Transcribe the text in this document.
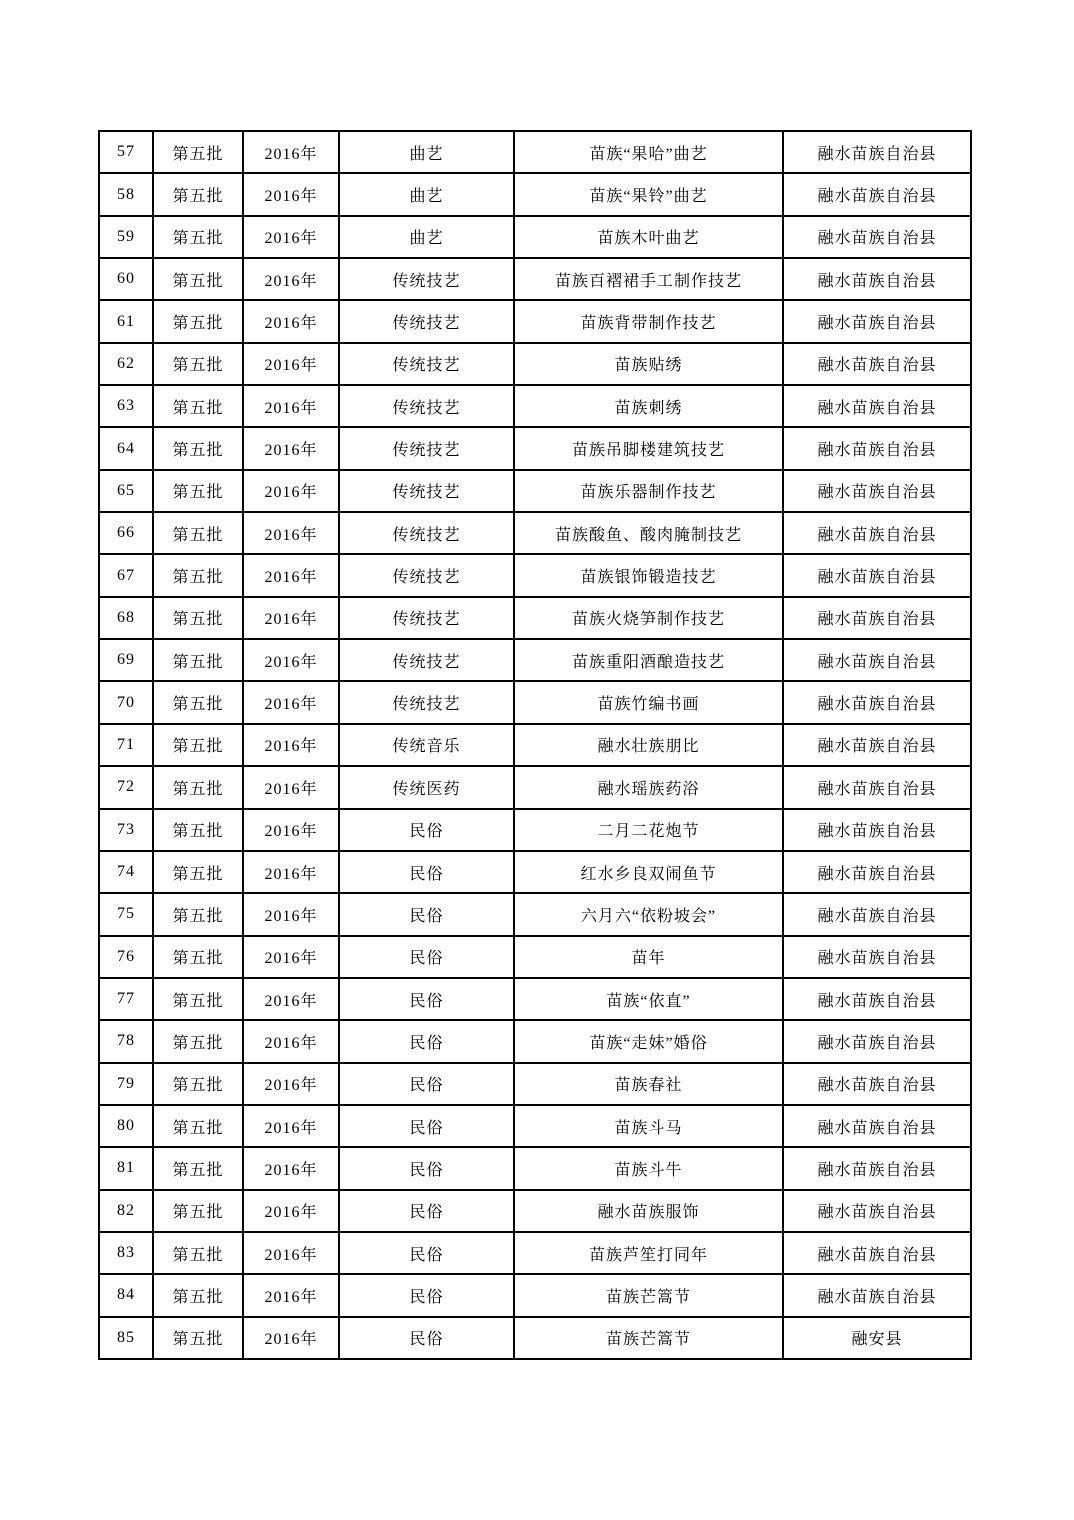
57	第五批	2016年	曲艺	苗族“果哈”曲艺	融水苗族自治县
58	第五批	2016年	曲艺	苗族“果铃”曲艺	融水苗族自治县
59	第五批	2016年	曲艺	苗族木叶曲艺	融水苗族自治县
60	第五批	2016年	传统技艺	苗族百褶裙手工制作技艺	融水苗族自治县
61	第五批	2016年	传统技艺	苗族背带制作技艺	融水苗族自治县
62	第五批	2016年	传统技艺	苗族贴绣	融水苗族自治县
63	第五批	2016年	传统技艺	苗族刺绣	融水苗族自治县
64	第五批	2016年	传统技艺	苗族吊脚楼建筑技艺	融水苗族自治县
65	第五批	2016年	传统技艺	苗族乐器制作技艺	融水苗族自治县
66	第五批	2016年	传统技艺	苗族酸鱼、酸肉腌制技艺	融水苗族自治县
67	第五批	2016年	传统技艺	苗族银饰锻造技艺	融水苗族自治县
68	第五批	2016年	传统技艺	苗族火烧笋制作技艺	融水苗族自治县
69	第五批	2016年	传统技艺	苗族重阳酒酿造技艺	融水苗族自治县
70	第五批	2016年	传统技艺	苗族竹编书画	融水苗族自治县
71	第五批	2016年	传统音乐	融水壮族朋比	融水苗族自治县
72	第五批	2016年	传统医药	融水瑶族药浴	融水苗族自治县
73	第五批	2016年	民俗	二月二花炮节	融水苗族自治县
74	第五批	2016年	民俗	红水乡良双闹鱼节	融水苗族自治县
75	第五批	2016年	民俗	六月六“依粉坡会”	融水苗族自治县
76	第五批	2016年	民俗	苗年	融水苗族自治县
77	第五批	2016年	民俗	苗族“依直”	融水苗族自治县
78	第五批	2016年	民俗	苗族“走妹”婚俗	融水苗族自治县
79	第五批	2016年	民俗	苗族春社	融水苗族自治县
80	第五批	2016年	民俗	苗族斗马	融水苗族自治县
81	第五批	2016年	民俗	苗族斗牛	融水苗族自治县
82	第五批	2016年	民俗	融水苗族服饰	融水苗族自治县
83	第五批	2016年	民俗	苗族芦笙打同年	融水苗族自治县
84	第五批	2016年	民俗	苗族芒篙节	融水苗族自治县
85	第五批	2016年	民俗	苗族芒篙节	融安县
